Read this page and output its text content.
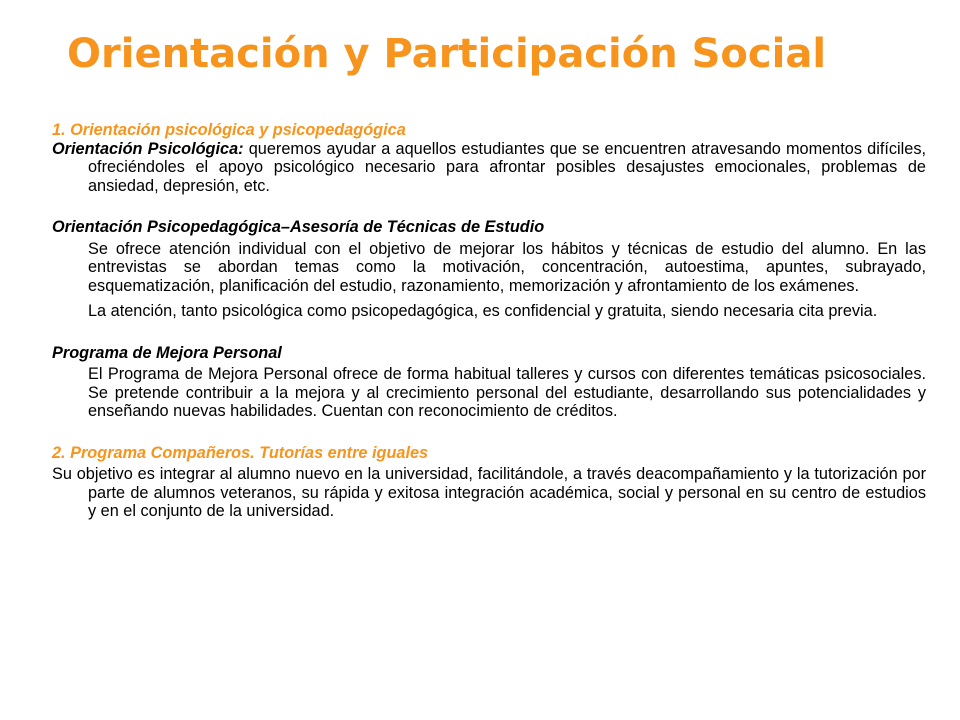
Orientación y Participación Social

1. Orientación psicológica y psicopedagógica

Orientación Psicológica: queremos ayudar a aquellos estudiantes que se encuentren atravesando momentos difíciles, ofreciéndoles el apoyo psicológico necesario para afrontar posibles desajustes emocionales, problemas de ansiedad, depresión, etc.

Orientación Psicopedagógica–Asesoría de Técnicas de Estudio

Se ofrece atención individual con el objetivo de mejorar los hábitos y técnicas de estudio del alumno. En las entrevistas se abordan temas como la motivación, concentración, autoestima, apuntes, subrayado, esquematización, planificación del estudio, razonamiento, memorización y afrontamiento de los exámenes.

La atención, tanto psicológica como psicopedagógica, es confidencial y gratuita, siendo necesaria cita previa.

Programa de Mejora Personal

El Programa de Mejora Personal ofrece de forma habitual talleres y cursos con diferentes temáticas psicosociales. Se pretende contribuir a la mejora y al crecimiento personal del estudiante, desarrollando sus potencialidades y enseñando nuevas habilidades. Cuentan con reconocimiento de créditos.

2. Programa Compañeros. Tutorías entre iguales

Su objetivo es integrar al alumno nuevo en la universidad, facilitándole, a través deacompañamiento y la tutorización por parte de alumnos veteranos, su rápida y exitosa integración académica, social y personal en su centro de estudios y en el conjunto de la universidad.
